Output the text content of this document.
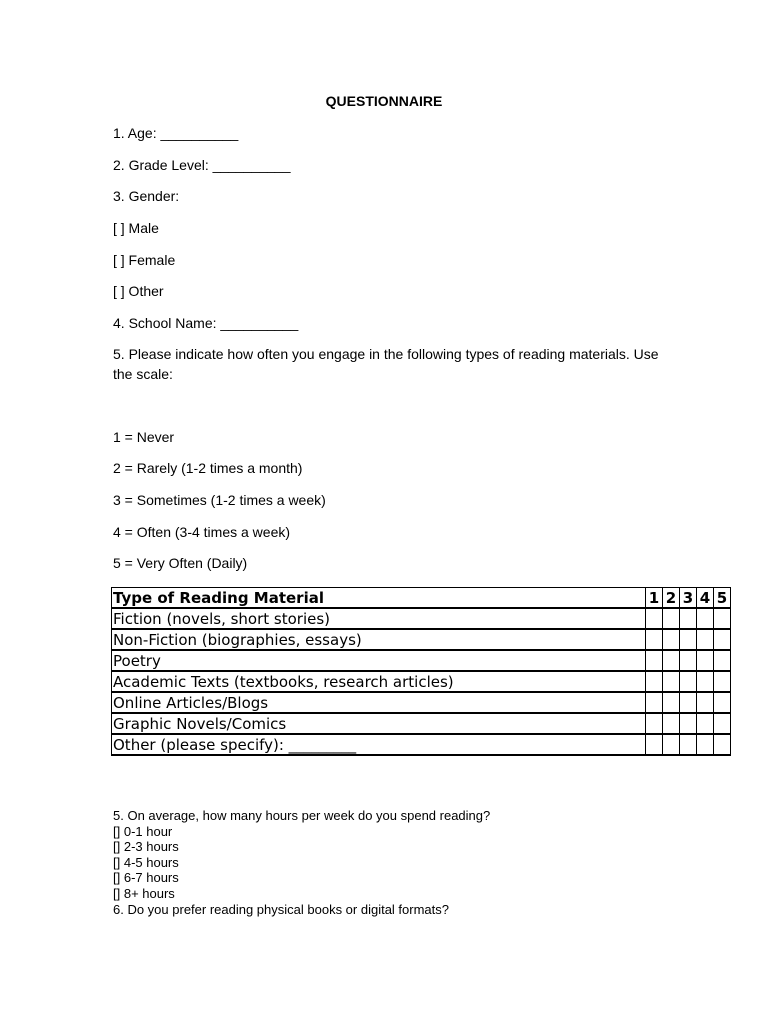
QUESTIONNAIRE
1. Age: __________
2. Grade Level: __________
3. Gender:
[ ] Male
[ ] Female
[ ] Other
4. School Name: __________
5. Please indicate how often you engage in the following types of reading materials. Use the scale:
1 = Never
2 = Rarely (1-2 times a month)
3 = Sometimes (1-2 times a week)
4 = Often (3-4 times a week)
5 = Very Often (Daily)
Type of Reading Material	1	2	3	4	5
Fiction (novels, short stories)					
Non-Fiction (biographies, essays)					
Poetry					
Academic Texts (textbooks, research articles)					
Online Articles/Blogs					
Graphic Novels/Comics					
Other (please specify): _________					
5. On average, how many hours per week do you spend reading?
[] 0-1 hour
[] 2-3 hours
[] 4-5 hours
[] 6-7 hours
[] 8+ hours
6. Do you prefer reading physical books or digital formats?
